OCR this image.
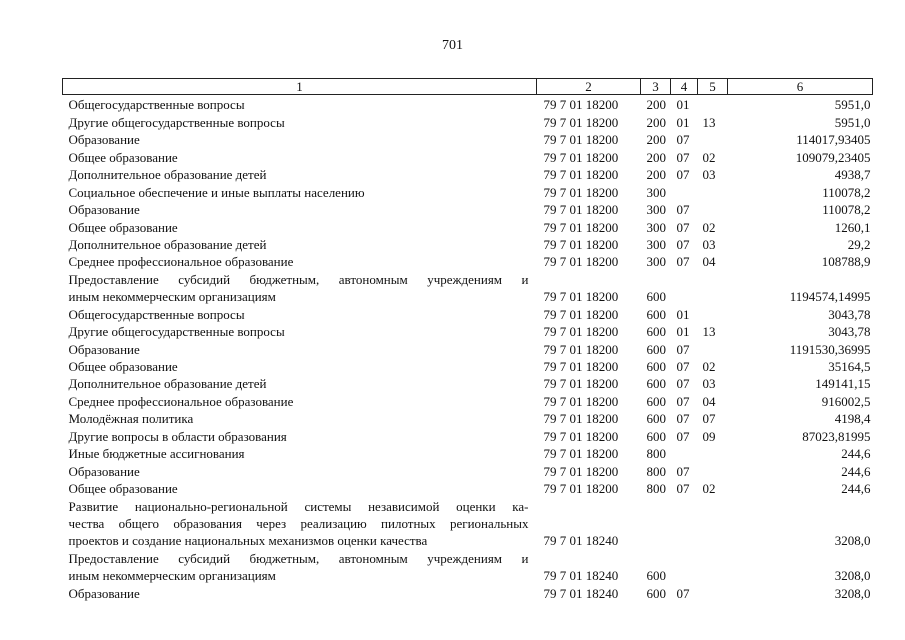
701
1	2	3	4	5	6

Общегосударственные вопросы	79 7 01 18200	200	01		5951,0

Другие общегосударственные вопросы	79 7 01 18200	200	01	13	5951,0

Образование	79 7 01 18200	200	07		114017,93405

Общее образование	79 7 01 18200	200	07	02	109079,23405

Дополнительное образование детей	79 7 01 18200	200	07	03	4938,7

Социальное обеспечение и иные выплаты населению	79 7 01 18200	300			110078,2

Образование	79 7 01 18200	300	07		110078,2

Общее образование	79 7 01 18200	300	07	02	1260,1

Дополнительное образование детей	79 7 01 18200	300	07	03	29,2

Среднее профессиональное образование	79 7 01 18200	300	07	04	108788,9

Предоставление субсидий бюджетным, автономным учреждениям и					

иным некоммерческим организациям	79 7 01 18200	600			1194574,14995

Общегосударственные вопросы	79 7 01 18200	600	01		3043,78

Другие общегосударственные вопросы	79 7 01 18200	600	01	13	3043,78

Образование	79 7 01 18200	600	07		1191530,36995

Общее образование	79 7 01 18200	600	07	02	35164,5

Дополнительное образование детей	79 7 01 18200	600	07	03	149141,15

Среднее профессиональное образование	79 7 01 18200	600	07	04	916002,5

Молодёжная политика	79 7 01 18200	600	07	07	4198,4

Другие вопросы в области образования	79 7 01 18200	600	07	09	87023,81995

Иные бюджетные ассигнования	79 7 01 18200	800			244,6

Образование	79 7 01 18200	800	07		244,6

Общее образование	79 7 01 18200	800	07	02	244,6

Развитие национально-региональной системы независимой оценки ка-					

чества общего образования через реализацию пилотных региональных					

проектов и создание национальных механизмов оценки качества	79 7 01 18240				3208,0

Предоставление субсидий бюджетным, автономным учреждениям и					

иным некоммерческим организациям	79 7 01 18240	600			3208,0

Образование	79 7 01 18240	600	07		3208,0
